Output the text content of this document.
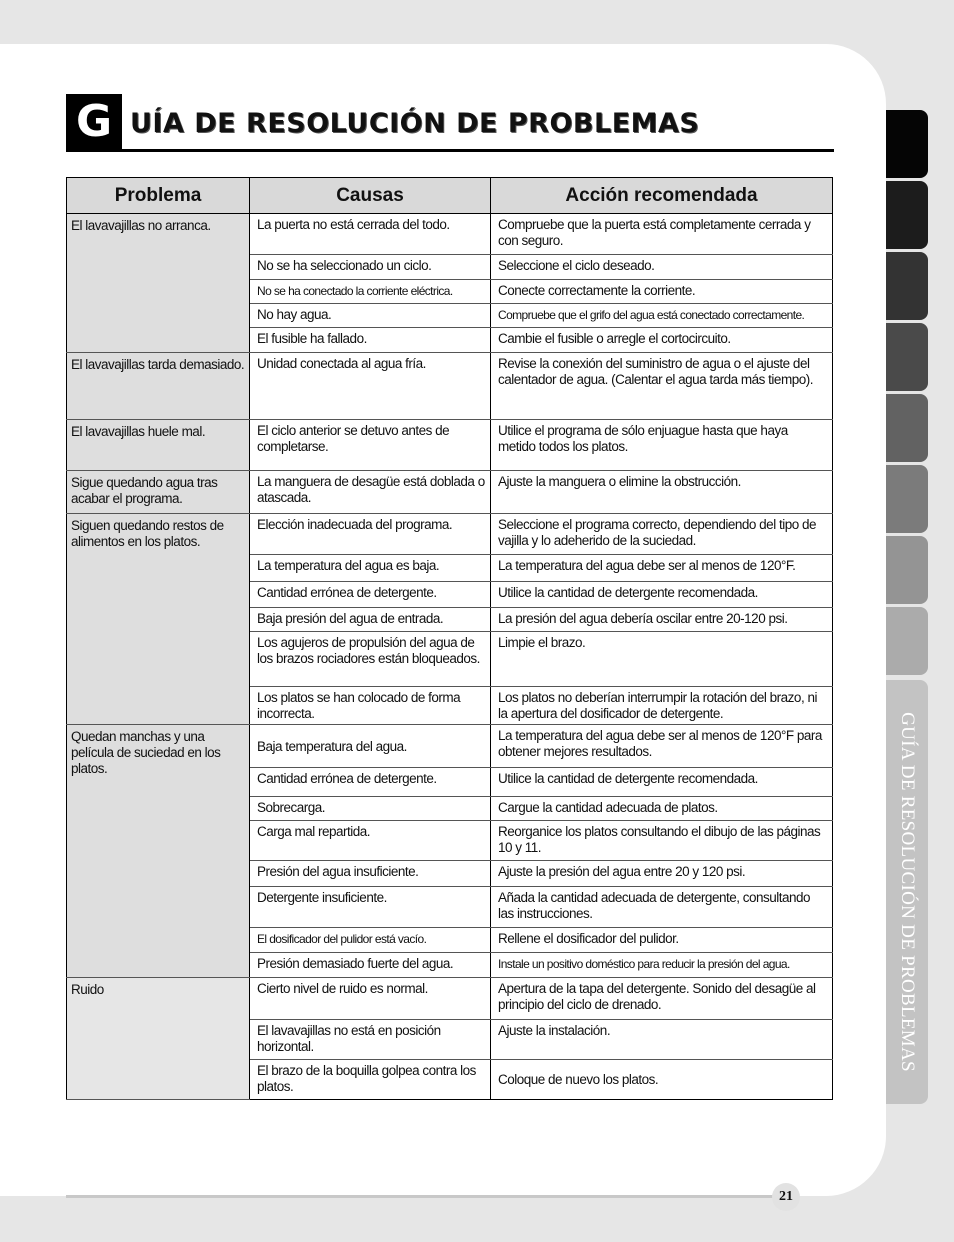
GUÍA DE RESOLUCIÓN DE PROBLEMAS
G UÍA DE RESOLUCIÓN DE PROBLEMAS
Problema	Causas	Acción recomendada
El lavavajillas no arranca.	La puerta no está cerrada del todo.	Compruebe que la puerta está completamente cerrada y con seguro.
	No se ha seleccionado un ciclo.	Seleccione el ciclo deseado.
	No se ha conectado la corriente eléctrica.	Conecte correctamente la corriente.
	No hay agua.	Compruebe que el grifo del agua está conectado correctamente.
	El fusible ha fallado.	Cambie el fusible o arregle el cortocircuito.
El lavavajillas tarda demasiado.	Unidad conectada al agua fría.	Revise la conexión del suministro de agua o el ajuste del calentador de agua. (Calentar el agua tarda más tiempo).
El lavavajillas huele mal.	El ciclo anterior se detuvo antes de completarse.	Utilice el programa de sólo enjuague hasta que haya metido todos los platos.
Sigue quedando agua tras acabar el programa.	La manguera de desagüe está doblada o atascada.	Ajuste la manguera o elimine la obstrucción.
Siguen quedando restos de alimentos en los platos.	Elección inadecuada del programa.	Seleccione el programa correcto, dependiendo del tipo de vajilla y lo adeherido de la suciedad.
	La temperatura del agua es baja.	La temperatura del agua debe ser al menos de 120°F.
	Cantidad errónea de detergente.	Utilice la cantidad de detergente recomendada.
	Baja presión del agua de entrada.	La presión del agua debería oscilar entre 20-120 psi.
	Los agujeros de propulsión del agua de los brazos rociadores están bloqueados.	Limpie el brazo.
	Los platos se han colocado de forma incorrecta.	Los platos no deberían interrumpir la rotación del brazo, ni la apertura del dosificador de detergente.
Quedan manchas y una película de suciedad en los platos.	Baja temperatura del agua.	La temperatura del agua debe ser al menos de 120°F para obtener mejores resultados.
	Cantidad errónea de detergente.	Utilice la cantidad de detergente recomendada.
	Sobrecarga.	Cargue la cantidad adecuada de platos.
	Carga mal repartida.	Reorganice los platos consultando el dibujo de las páginas 10 y 11.
	Presión del agua insuficiente.	Ajuste la presión del agua entre 20 y 120 psi.
	Detergente insuficiente.	Añada la cantidad adecuada de detergente, consultando las instrucciones.
	El dosificador del pulidor está vacío.	Rellene el dosificador del pulidor.
	Presión demasiado fuerte del agua.	Instale un positivo doméstico para reducir la presión del agua.
Ruido	Cierto nivel de ruido es normal.	Apertura de la tapa del detergente. Sonido del desagüe al principio del ciclo de drenado.
	El lavavajillas no está en posición horizontal.	Ajuste la instalación.
	El brazo de la boquilla golpea contra los platos.	Coloque de nuevo los platos.
21
